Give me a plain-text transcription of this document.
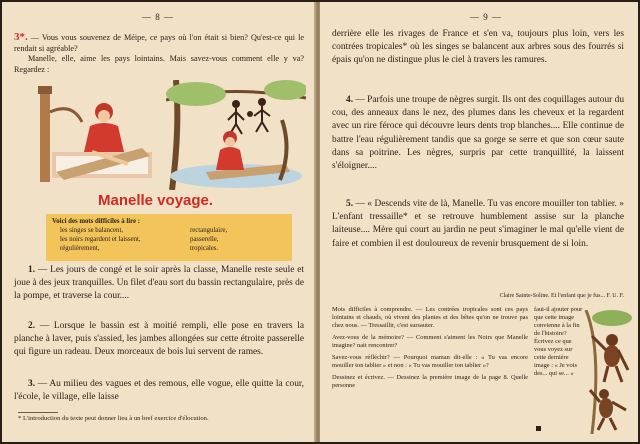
— 8 —
3*. — Vous vous souvenez de Méipe, ce pays où l'on était si bien? Qu'est-ce qui le rendait si agréable?
Manelle, elle, aime les pays lointains. Mais savez-vous comment elle y va? Regardez :
Manelle voyage.
Voici des mots difficiles à lire :
les singes se balancent,
les noirs regardent et laissent,
régulièrement,
rectangulaire,
passerelle,
tropicales.
1. — Les jours de congé et le soir après la classe, Manelle reste seule et joue à des jeux tranquilles. Un filet d'eau sort du bassin rectangulaire, près de la pompe, et traverse la cour....
2. — Lorsque le bassin est à moitié rempli, elle pose en travers la planche à laver, puis s'assied, les jambes allongées sur cette étroite passerelle qui figure un radeau. Deux morceaux de bois lui servent de rames.
3. — Au milieu des vagues et des remous, elle vogue, elle quitte la cour, l'école, le village, elle laisse
* L'introduction du texte peut donner lieu à un bref exercice d'élocution.
— 9 —
derrière elle les rivages de France et s'en va, toujours plus loin, vers les contrées tropicales* où les singes se balancent aux arbres sous des fourrés si épais qu'on ne distingue plus le ciel à travers les ramures.
4. — Parfois une troupe de nègres surgit. Ils ont des coquillages autour du cou, des anneaux dans le nez, des plumes dans les cheveux et la regardent avec un rire féroce qui découvre leurs dents trop blanches.... Elle continue de battre l'eau régulièrement tandis que sa gorge se serre et que son cœur saute dans sa poitrine. Les nègres, surpris par cette tranquillité, la laissent s'éloigner....
5. — « Descends vite de là, Manelle. Tu vas encore mouiller ton tablier. » L'enfant tressaille* et se retrouve humblement assise sur la planche laiteuse.... Mère qui court au jardin ne peut s'imaginer le mal qu'elle vient de faire et combien il est douloureux de revenir brusquement de si loin.
Claire Sainte-Soline. Et l'enfant que je fus... F. U. F.
Mots difficiles à comprendre. — Les contrées tropicales sont ces pays lointains et chauds, où vivent des plantes et des bêtes qu'on ne trouve pas chez nous. — Tressaillir, c'est sursauter.
Avez-vous de la mémoire? — Comment s'aiment les Noirs que Manelle imagine? nait rencontrer?
Savez-vous réfléchir? — Pourquoi maman dit-elle : « Tu vas encore mouiller ton tablier » et non : « Tu vas mouiller ton tablier »?
Dessinez et écrivez. — Dessinez la première image de la page 8. Quelle personne
faut-il ajouter pour que cette image convienne à la fin de l'histoire? Écrivez ce que vous voyez sur cette dernière image : « Je vois des... qui se... »
